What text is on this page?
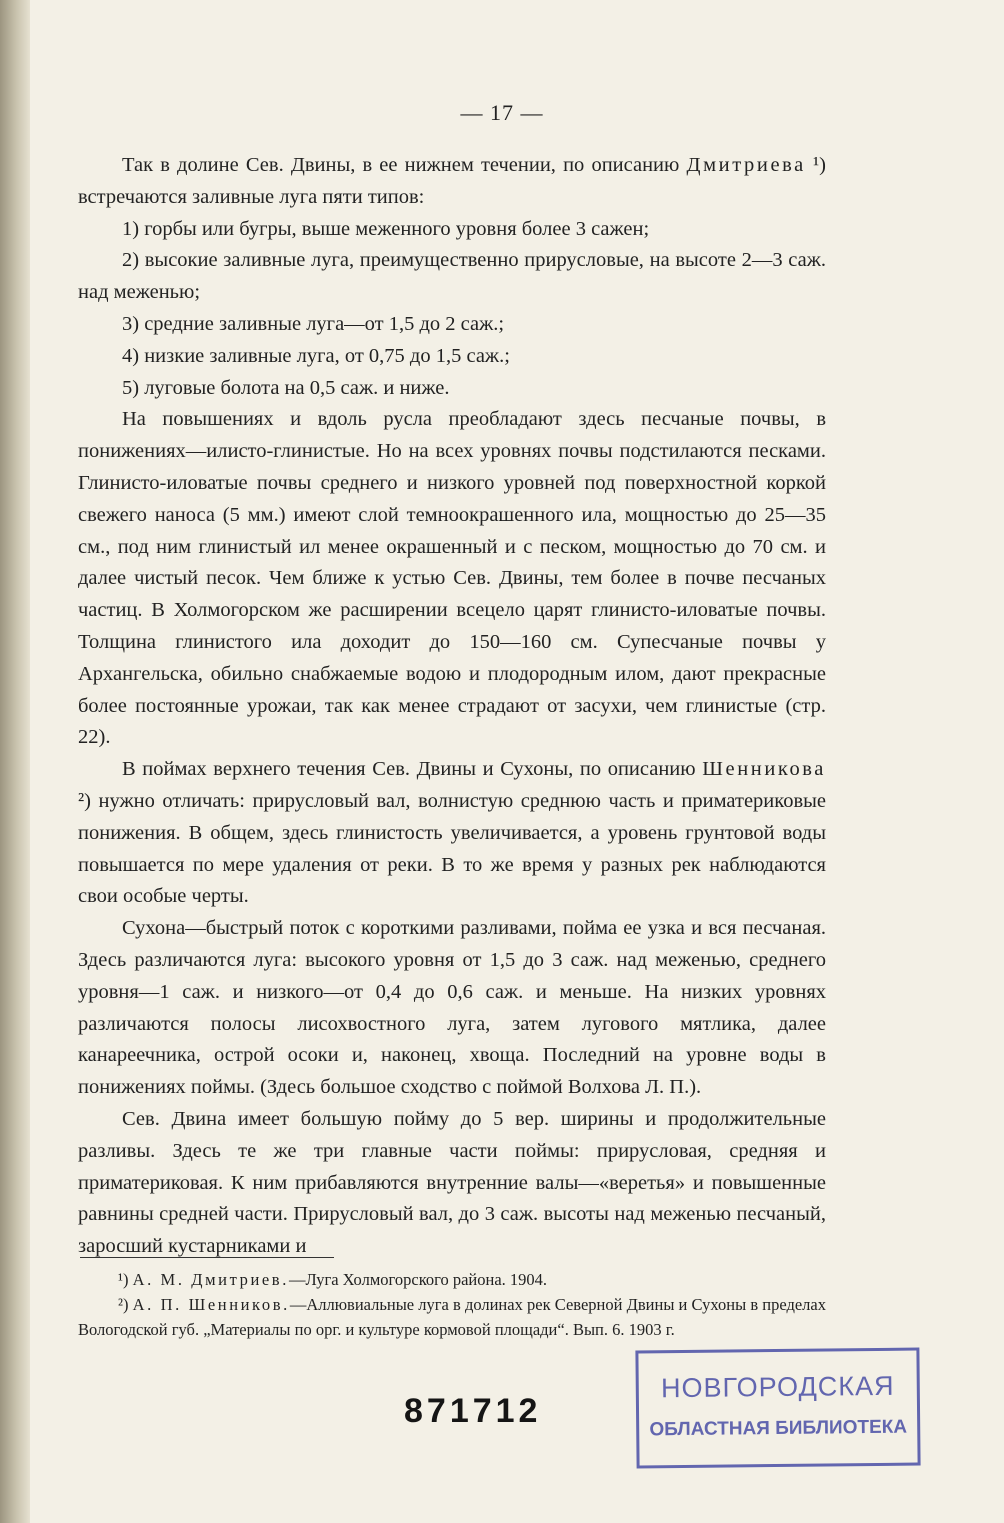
— 17 —

Так в долине Сев. Двины, в ее нижнем течении, по описанию Дмитриева ¹) встречаются заливные луга пяти типов:

1) горбы или бугры, выше меженного уровня более 3 сажен;

2) высокие заливные луга, преимущественно прирусловые, на высоте 2—3 саж. над меженью;

3) средние заливные луга—от 1,5 до 2 саж.;

4) низкие заливные луга, от 0,75 до 1,5 саж.;

5) луговые болота на 0,5 саж. и ниже.

На повышениях и вдоль русла преобладают здесь песчаные почвы, в понижениях—илисто-глинистые. Но на всех уровнях почвы подстилаются песками. Глинисто-иловатые почвы среднего и низкого уровней под поверхностной коркой свежего наноса (5 мм.) имеют слой темноокрашенного ила, мощностью до 25—35 см., под ним глинистый ил менее окрашенный и с песком, мощностью до 70 см. и далее чистый песок. Чем ближе к устью Сев. Двины, тем более в почве песчаных частиц. В Холмогорском же расширении всецело царят глинисто-иловатые почвы. Толщина глинистого ила доходит до 150—160 см. Супесчаные почвы у Архангельска, обильно снабжаемые водою и плодородным илом, дают прекрасные более постоянные урожаи, так как менее страдают от засухи, чем глинистые (стр. 22).

В поймах верхнего течения Сев. Двины и Сухоны, по описанию Шенникова ²) нужно отличать: прирусловый вал, волнистую среднюю часть и приматериковые понижения. В общем, здесь глинистость увеличивается, а уровень грунтовой воды повышается по мере удаления от реки. В то же время у разных рек наблюдаются свои особые черты.

Сухона—быстрый поток с короткими разливами, пойма ее узка и вся песчаная. Здесь различаются луга: высокого уровня от 1,5 до 3 саж. над меженью, среднего уровня—1 саж. и низкого—от 0,4 до 0,6 саж. и меньше. На низких уровнях различаются полосы лисохвостного луга, затем лугового мятлика, далее канареечника, острой осоки и, наконец, хвоща. Последний на уровне воды в понижениях поймы. (Здесь большое сходство с поймой Волхова Л. П.).

Сев. Двина имеет большую пойму до 5 вер. ширины и продолжительные разливы. Здесь те же три главные части поймы: прирусловая, средняя и приматериковая. К ним прибавляются внутренние валы—«веретья» и повышенные равнины средней части. Прирусловый вал, до 3 саж. высоты над меженью песчаный, заросший кустарниками и

¹) А. М. Дмитриев.—Луга Холмогорского района. 1904.

²) А. П. Шенников.—Аллювиальные луга в долинах рек Северной Двины и Сухоны в пределах Вологодской губ. „Материалы по орг. и культуре кормовой площади“. Вып. 6. 1903 г.

871712
НОВГОРОДСКАЯ
ОБЛАСТНАЯ БИБЛИОТЕКА
